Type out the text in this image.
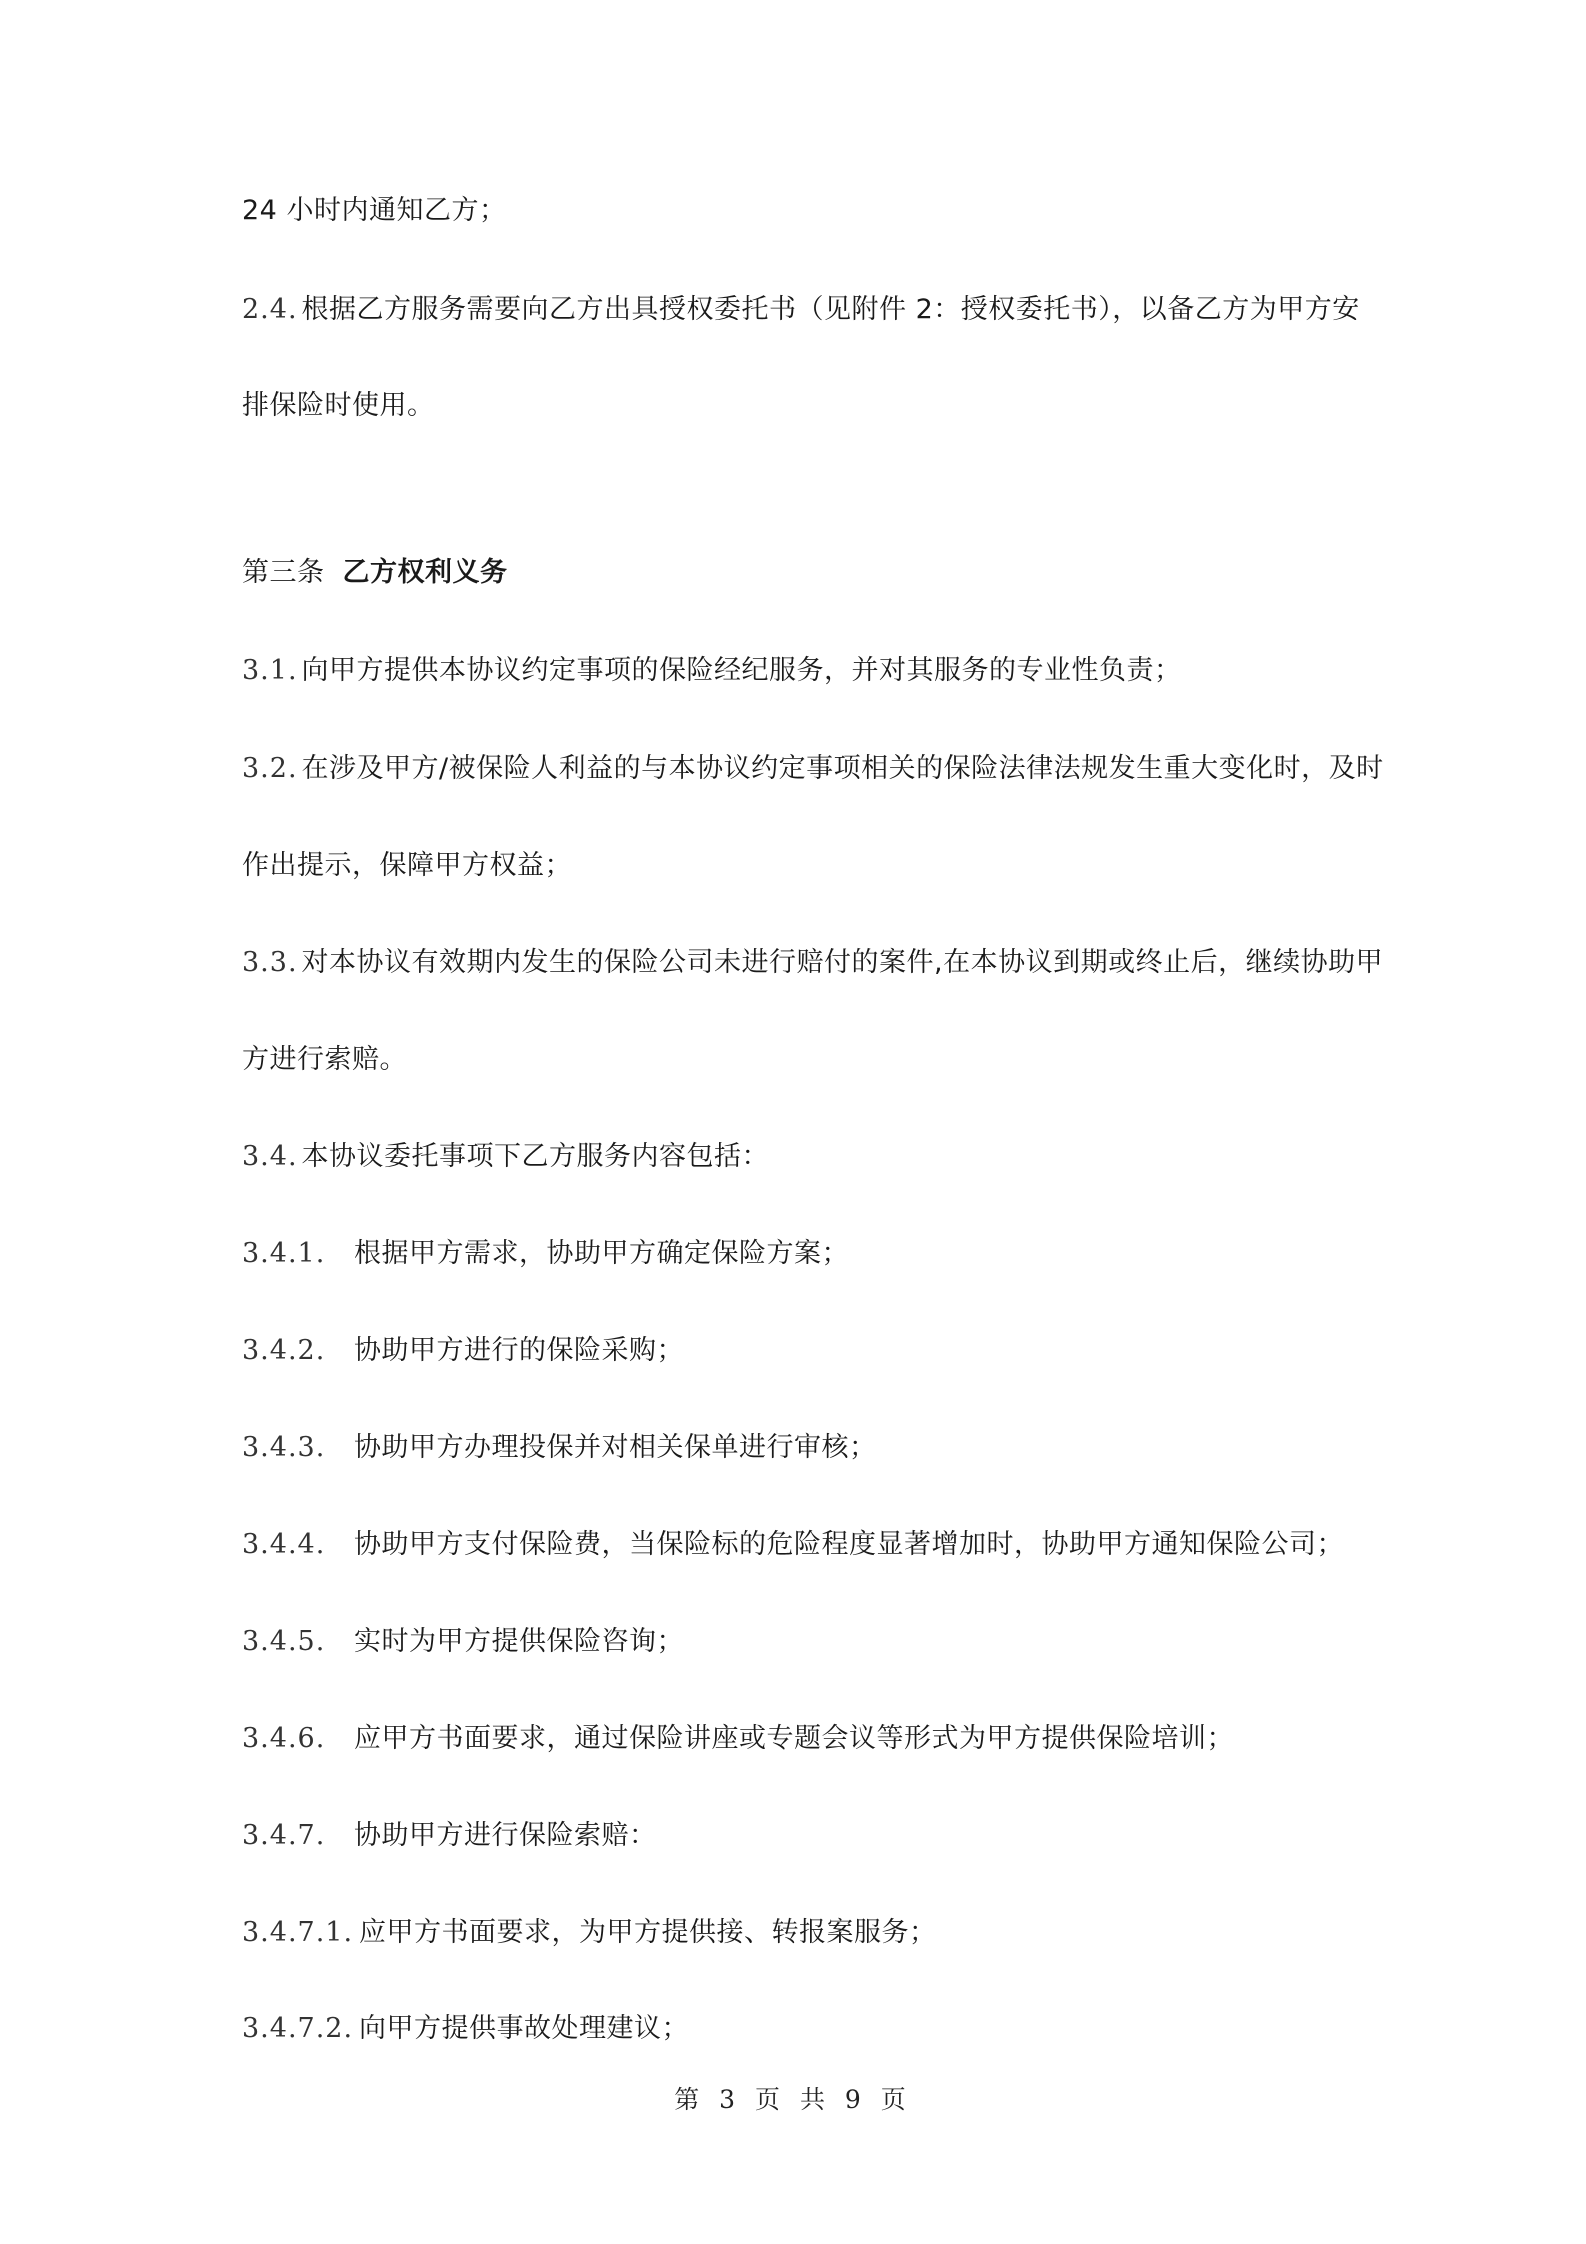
24 小时内通知乙方；
2.4. 根据乙方服务需要向乙方出具授权委托书（见附件 2：授权委托书），以备乙方为甲方安
排保险时使用。
第三条 乙方权利义务
3.1. 向甲方提供本协议约定事项的保险经纪服务，并对其服务的专业性负责；
3.2. 在涉及甲方/被保险人利益的与本协议约定事项相关的保险法律法规发生重大变化时，及时
作出提示，保障甲方权益；
3.3. 对本协议有效期内发生的保险公司未进行赔付的案件,在本协议到期或终止后，继续协助甲
方进行索赔。
3.4. 本协议委托事项下乙方服务内容包括：
3.4.1. 根据甲方需求，协助甲方确定保险方案；
3.4.2. 协助甲方进行的保险采购；
3.4.3. 协助甲方办理投保并对相关保单进行审核；
3.4.4. 协助甲方支付保险费，当保险标的危险程度显著增加时，协助甲方通知保险公司；
3.4.5. 实时为甲方提供保险咨询；
3.4.6. 应甲方书面要求，通过保险讲座或专题会议等形式为甲方提供保险培训；
3.4.7. 协助甲方进行保险索赔：
3.4.7.1. 应甲方书面要求，为甲方提供接、转报案服务；
3.4.7.2. 向甲方提供事故处理建议；
第 3 页 共 9 页
